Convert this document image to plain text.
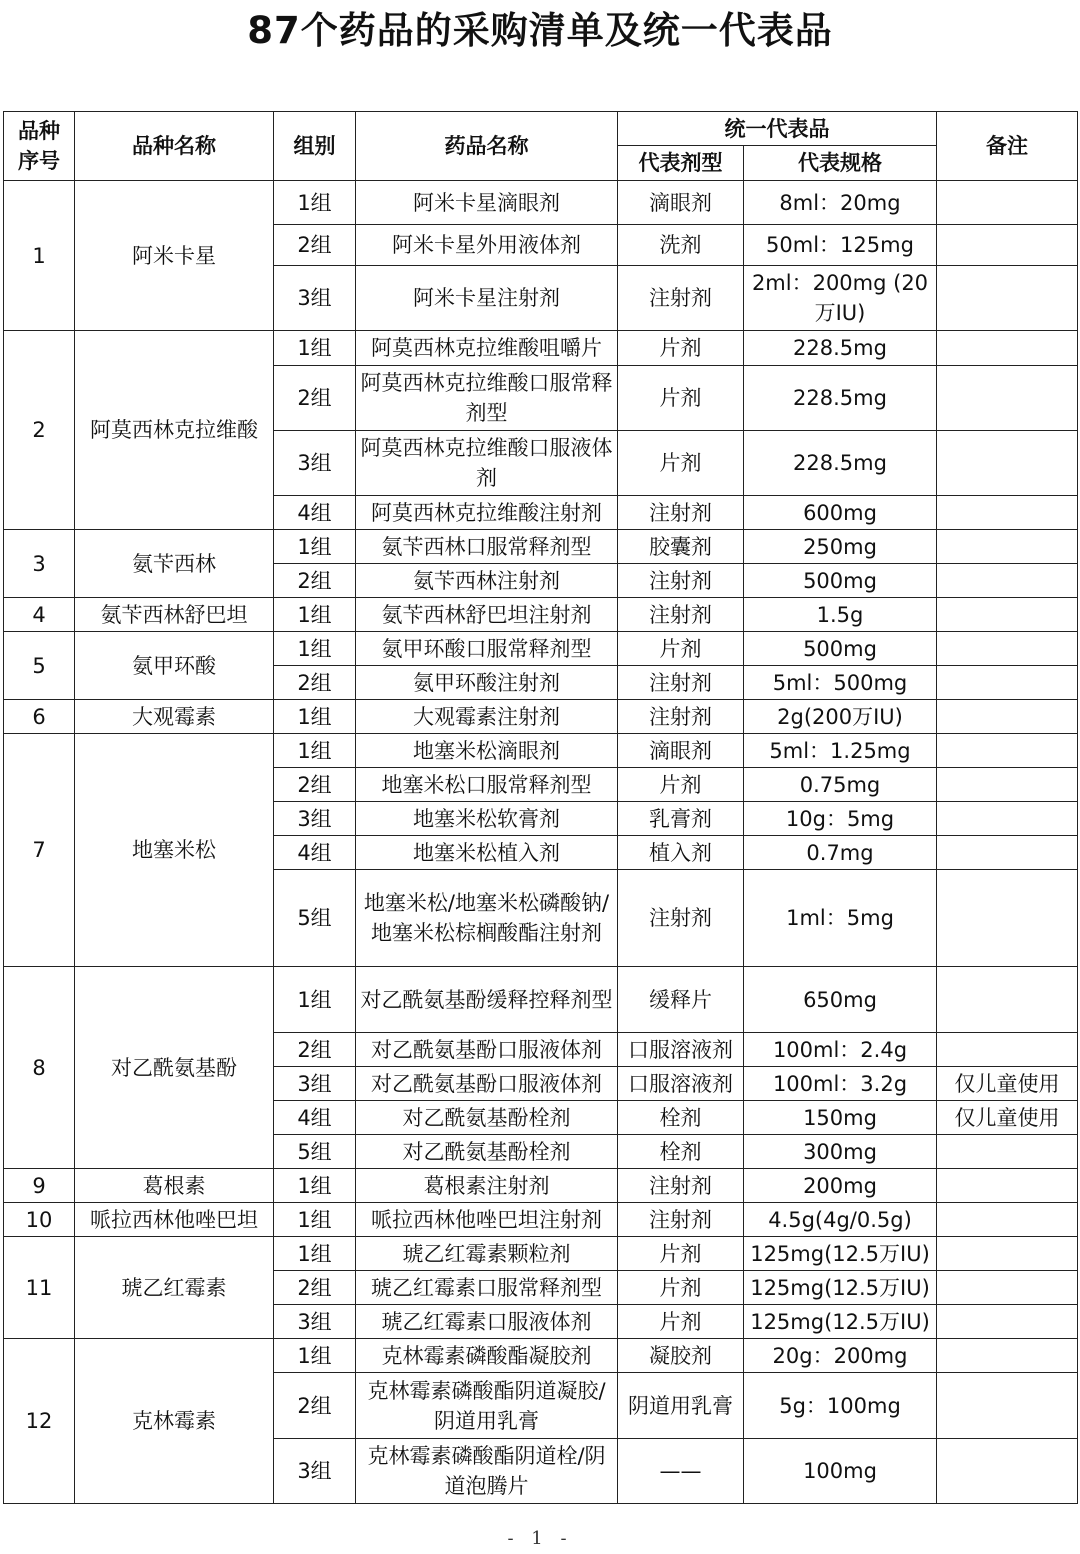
87个药品的采购清单及统一代表品
品种
序号	品种名称	组别	药品名称	统一代表品		备注
				代表剂型	代表规格	
1	阿米卡星	1组	阿米卡星滴眼剂	滴眼剂	8ml：20mg	
		2组	阿米卡星外用液体剂	洗剂	50ml：125mg	
		3组	阿米卡星注射剂	注射剂	2ml：200mg (20万IU)	
2	阿莫西林克拉维酸	1组	阿莫西林克拉维酸咀嚼片	片剂	228.5mg	
		2组	阿莫西林克拉维酸口服常释剂型	片剂	228.5mg	
		3组	阿莫西林克拉维酸口服液体剂	片剂	228.5mg	
		4组	阿莫西林克拉维酸注射剂	注射剂	600mg	
3	氨苄西林	1组	氨苄西林口服常释剂型	胶囊剂	250mg	
		2组	氨苄西林注射剂	注射剂	500mg	
4	氨苄西林舒巴坦	1组	氨苄西林舒巴坦注射剂	注射剂	1.5g	
5	氨甲环酸	1组	氨甲环酸口服常释剂型	片剂	500mg	
		2组	氨甲环酸注射剂	注射剂	5ml：500mg	
6	大观霉素	1组	大观霉素注射剂	注射剂	2g(200万IU)	
7	地塞米松	1组	地塞米松滴眼剂	滴眼剂	5ml：1.25mg	
		2组	地塞米松口服常释剂型	片剂	0.75mg	
		3组	地塞米松软膏剂	乳膏剂	10g：5mg	
		4组	地塞米松植入剂	植入剂	0.7mg	
		5组	地塞米松/地塞米松磷酸钠/地塞米松棕榈酸酯注射剂	注射剂	1ml：5mg	
8	对乙酰氨基酚	1组	对乙酰氨基酚缓释控释剂型	缓释片	650mg	
		2组	对乙酰氨基酚口服液体剂	口服溶液剂	100ml：2.4g	
		3组	对乙酰氨基酚口服液体剂	口服溶液剂	100ml：3.2g	仅儿童使用
		4组	对乙酰氨基酚栓剂	栓剂	150mg	仅儿童使用
		5组	对乙酰氨基酚栓剂	栓剂	300mg	
9	葛根素	1组	葛根素注射剂	注射剂	200mg	
10	哌拉西林他唑巴坦	1组	哌拉西林他唑巴坦注射剂	注射剂	4.5g(4g/0.5g)	
11	琥乙红霉素	1组	琥乙红霉素颗粒剂	片剂	125mg(12.5万IU)	
		2组	琥乙红霉素口服常释剂型	片剂	125mg(12.5万IU)	
		3组	琥乙红霉素口服液体剂	片剂	125mg(12.5万IU)	
12	克林霉素	1组	克林霉素磷酸酯凝胶剂	凝胶剂	20g：200mg	
		2组	克林霉素磷酸酯阴道凝胶/阴道用乳膏	阴道用乳膏	5g：100mg	
		3组	克林霉素磷酸酯阴道栓/阴道泡腾片	——	100mg	
- 1 -
